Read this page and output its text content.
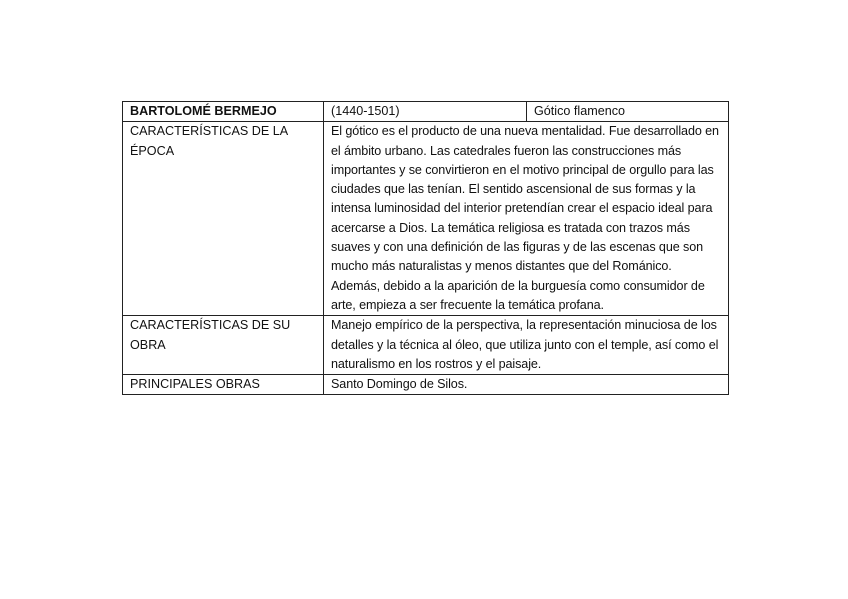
BARTOLOMÉ BERMEJO	(1440-1501)	Gótico flamenco
CARACTERÍSTICAS DE LA ÉPOCA	El gótico es el producto de una nueva mentalidad. Fue desarrollado en el ámbito urbano. Las catedrales fueron las construcciones más importantes y se convirtieron en el motivo principal de orgullo para las ciudades que las tenían. El sentido ascensional de sus formas y la intensa luminosidad del interior pretendían crear el espacio ideal para acercarse a Dios. La temática religiosa es tratada con trazos más suaves y con una definición de las figuras y de las escenas que son mucho más naturalistas y menos distantes que del Románico. Además, debido a la aparición de la burguesía como consumidor de arte, empieza a ser frecuente la temática profana.	
CARACTERÍSTICAS DE SU OBRA	Manejo empírico de la perspectiva, la representación minuciosa de los detalles y la técnica al óleo, que utiliza junto con el temple, así como el naturalismo en los rostros y el paisaje.	
PRINCIPALES OBRAS	Santo Domingo de Silos.	
